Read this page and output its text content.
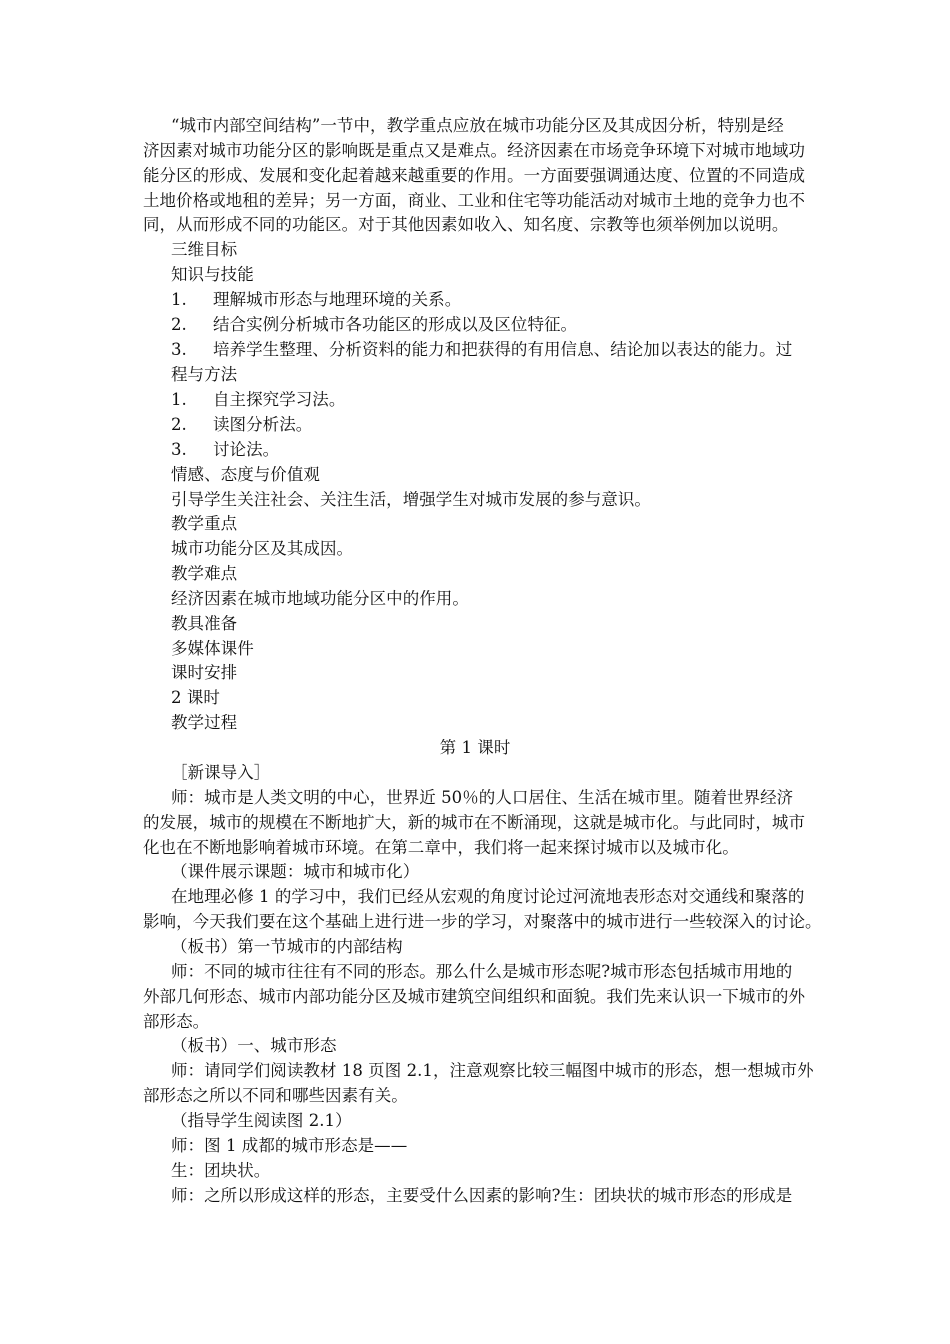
“城市内部空间结构”一节中，教学重点应放在城市功能分区及其成因分析，特别是经
济因素对城市功能分区的影响既是重点又是难点。经济因素在市场竞争环境下对城市地域功
能分区的形成、发展和变化起着越来越重要的作用。一方面要强调通达度、位置的不同造成
土地价格或地租的差异；另一方面，商业、工业和住宅等功能活动对城市土地的竞争力也不
同，从而形成不同的功能区。对于其他因素如收入、知名度、宗教等也须举例加以说明。
三维目标
知识与技能
1. 理解城市形态与地理环境的关系。
2. 结合实例分析城市各功能区的形成以及区位特征。
3. 培养学生整理、分析资料的能力和把获得的有用信息、结论加以表达的能力。过
程与方法
1. 自主探究学习法。
2. 读图分析法。
3. 讨论法。
情感、态度与价值观
引导学生关注社会、关注生活，增强学生对城市发展的参与意识。
教学重点
城市功能分区及其成因。
教学难点
经济因素在城市地域功能分区中的作用。
教具准备
多媒体课件
课时安排
2 课时
教学过程
第 1 课时
［新课导入］
师：城市是人类文明的中心，世界近 50％的人口居住、生活在城市里。随着世界经济
的发展，城市的规模在不断地扩大，新的城市在不断涌现，这就是城市化。与此同时，城市
化也在不断地影响着城市环境。在第二章中，我们将一起来探讨城市以及城市化。
（课件展示课题：城市和城市化）
在地理必修 1 的学习中，我们已经从宏观的角度讨论过河流地表形态对交通线和聚落的
影响，今天我们要在这个基础上进行进一步的学习，对聚落中的城市进行一些较深入的讨论。
（板书）第一节城市的内部结构
师：不同的城市往往有不同的形态。那么什么是城市形态呢?城市形态包括城市用地的
外部几何形态、城市内部功能分区及城市建筑空间组织和面貌。我们先来认识一下城市的外
部形态。
（板书）一、城市形态
师：请同学们阅读教材 18 页图 2.1，注意观察比较三幅图中城市的形态，想一想城市外
部形态之所以不同和哪些因素有关。
（指导学生阅读图 2.1）
师：图 1 成都的城市形态是——
生：团块状。
师：之所以形成这样的形态，主要受什么因素的影响?生：团块状的城市形态的形成是
